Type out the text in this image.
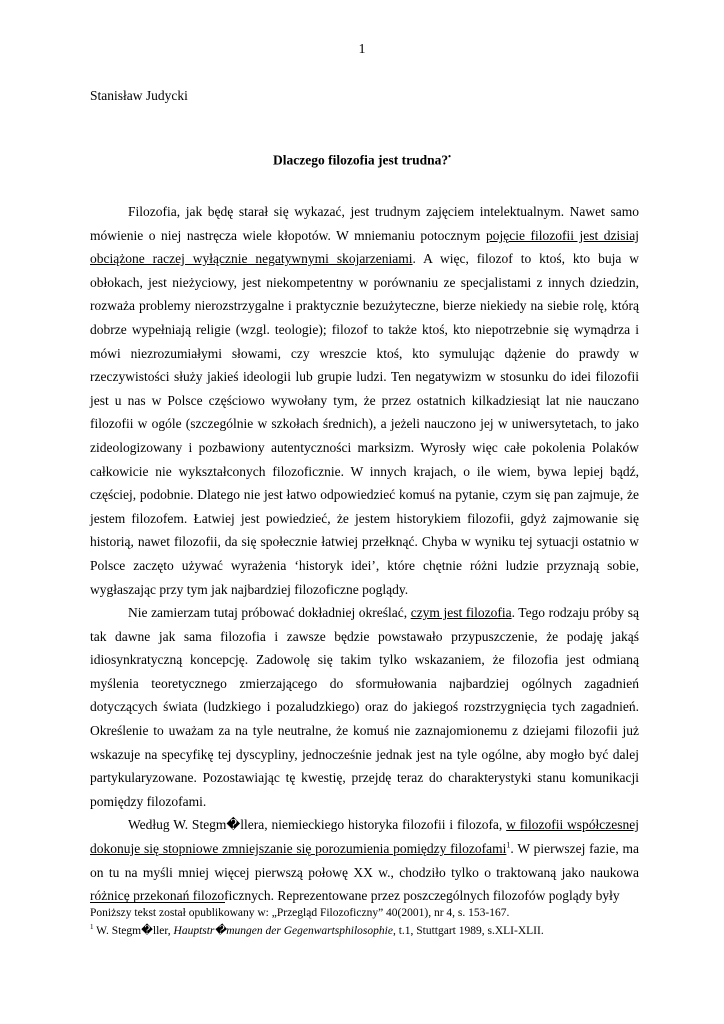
1
Stanisław Judycki
Dlaczego filozofia jest trudna?•

Filozofia, jak będę starał się wykazać, jest trudnym zajęciem intelektualnym. Nawet samo mówienie o niej nastręcza wiele kłopotów. W mniemaniu potocznym pojęcie filozofii jest dzisiaj obciążone raczej wyłącznie negatywnymi skojarzeniami. A więc, filozof to ktoś, kto buja w obłokach, jest nieżyciowy, jest niekompetentny w porównaniu ze specjalistami z innych dziedzin, rozważa problemy nierozstrzygalne i praktycznie bezużyteczne, bierze niekiedy na siebie rolę, którą dobrze wypełniają religie (wzgl. teologie); filozof to także ktoś, kto niepotrzebnie się wymądrza i mówi niezrozumiałymi słowami, czy wreszcie ktoś, kto symulując dążenie do prawdy w rzeczywistości służy jakieś ideologii lub grupie ludzi. Ten negatywizm w stosunku do idei filozofii jest u nas w Polsce częściowo wywołany tym, że przez ostatnich kilkadziesiąt lat nie nauczano filozofii w ogóle (szczególnie w szkołach średnich), a jeżeli nauczono jej w uniwersytetach, to jako zideologizowany i pozbawiony autentyczności marksizm. Wyrosły więc całe pokolenia Polaków całkowicie nie wykształconych filozoficznie. W innych krajach, o ile wiem, bywa lepiej bądź, częściej, podobnie. Dlatego nie jest łatwo odpowiedzieć komuś na pytanie, czym się pan zajmuje, że jestem filozofem. Łatwiej jest powiedzieć, że jestem historykiem filozofii, gdyż zajmowanie się historią, nawet filozofii, da się społecznie łatwiej przełknąć. Chyba w wyniku tej sytuacji ostatnio w Polsce zaczęto używać wyrażenia ‘historyk idei’, które chętnie różni ludzie przyznają sobie, wygłaszając przy tym jak najbardziej filozoficzne poglądy.

Nie zamierzam tutaj próbować dokładniej określać, czym jest filozofia. Tego rodzaju próby są tak dawne jak sama filozofia i zawsze będzie powstawało przypuszczenie, że podaję jakąś idiosynkratyczną koncepcję. Zadowolę się takim tylko wskazaniem, że filozofia jest odmianą myślenia teoretycznego zmierzającego do sformułowania najbardziej ogólnych zagadnień dotyczących świata (ludzkiego i pozaludzkiego) oraz do jakiegoś rozstrzygnięcia tych zagadnień. Określenie to uważam za na tyle neutralne, że komuś nie zaznajomionemu z dziejami filozofii już wskazuje na specyfikę tej dyscypliny, jednocześnie jednak jest na tyle ogólne, aby mogło być dalej partykularyzowane. Pozostawiając tę kwestię, przejdę teraz do charakterystyki stanu komunikacji pomiędzy filozofami.

Według W. Stegm�llera, niemieckiego historyka filozofii i filozofa, w filozofii współczesnej dokonuje się stopniowe zmniejszanie się porozumienia pomiędzy filozofami$^1$. W pierwszej fazie, ma on tu na myśli mniej więcej pierwszą połowę XX w., chodziło tylko o traktowaną jako naukowa różnicę przekonań filozoficznych. Reprezentowane przez poszczególnych filozofów poglądy były

Poniższy tekst został opublikowany w: „Przegląd Filozoficzny” 40(2001), nr 4, s. 153-167.
$^1$ W. Stegm�ller, Hauptstr�mungen der Gegenwartsphilosophie, t.1, Stuttgart 1989, s.XLI-XLII.
